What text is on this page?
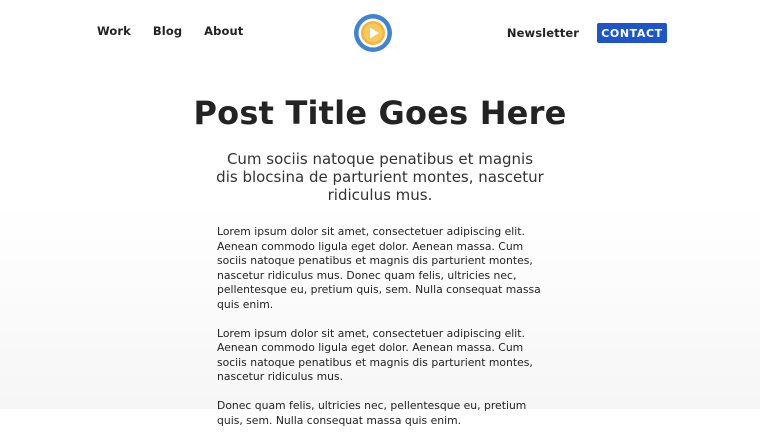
Work Blog About	Newsletter	CONTACT
Post Title Goes Here

Cum sociis natoque penatibus et magnis dis blocsina de parturient montes, nascetur ridiculus mus.

Lorem ipsum dolor sit amet, consectetuer adipiscing elit. Aenean commodo ligula eget dolor. Aenean massa. Cum sociis natoque penatibus et magnis dis parturient montes, nascetur ridiculus mus. Donec quam felis, ultricies nec, pellentesque eu, pretium quis, sem. Nulla consequat massa quis enim.

Lorem ipsum dolor sit amet, consectetuer adipiscing elit. Aenean commodo ligula eget dolor. Aenean massa. Cum sociis natoque penatibus et magnis dis parturient montes, nascetur ridiculus mus.

Donec quam felis, ultricies nec, pellentesque eu, pretium quis, sem. Nulla consequat massa quis enim.
